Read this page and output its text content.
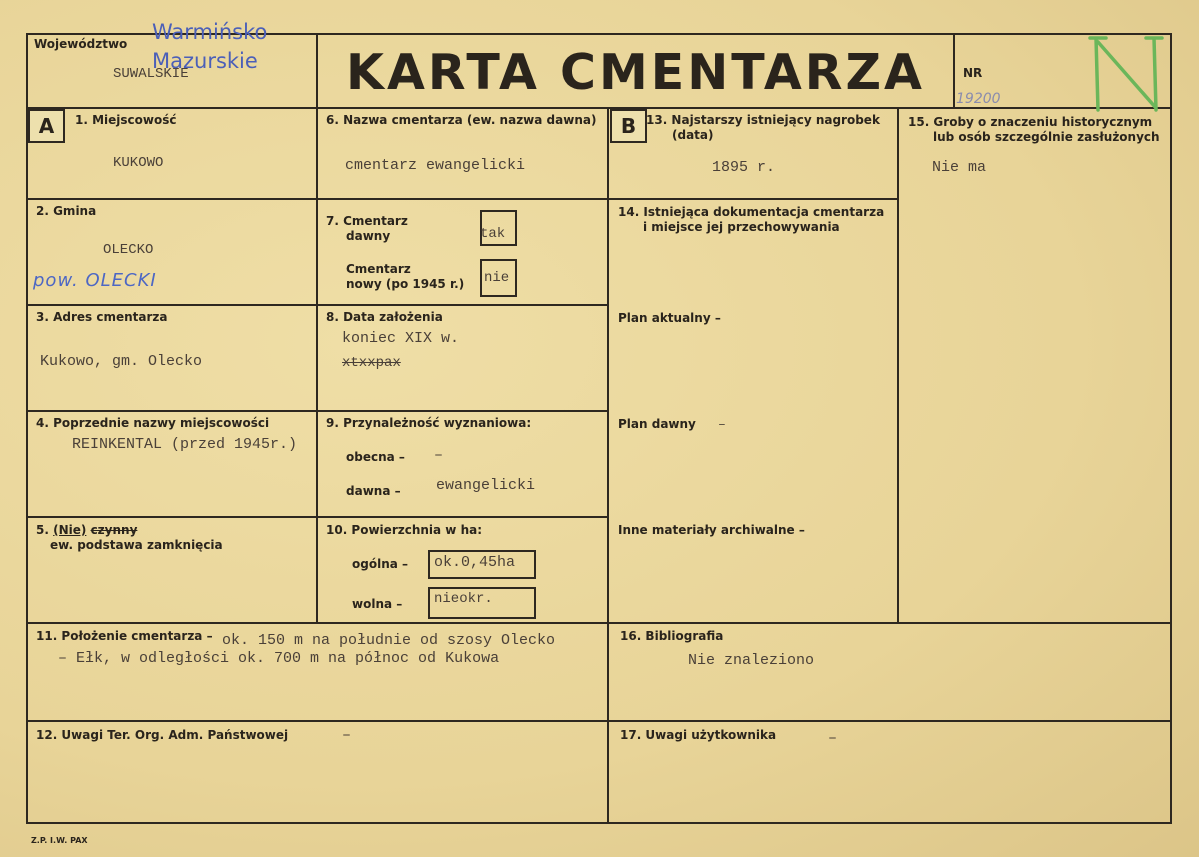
Województwo
SUWALSKIE
Warmińsko
Mazurskie KARTA CMENTARZA	NR
19200
A	1. Miejscowość
KUKOWO
2. Gmina
OLECKO
pow. OLECKI
3. Adres cmentarza
Kukowo, gm. Olecko
4. Poprzednie nazwy miejscowości
REINKENTAL (przed 1945r.)
5. (Nie) czynny
ew. podstawa zamknięcia
6. Nazwa cmentarza (ew. nazwa dawna)
cmentarz ewangelicki
7. Cmentarz
dawny	tak
Cmentarz
nowy (po 1945 r.) nie
8. Data założenia
koniec XIX w.
xtxxpax
9. Przynależność wyznaniowa:
obecna – –
dawna – ewangelicki
10. Powierzchnia w ha:
ogólna – ok.0,45ha
wolna – nieokr.
B 13. Najstarszy istniejący nagrobek
(data)
1895 r.
14. Istniejąca dokumentacja cmentarza
i miejsce jej przechowywania
Plan aktualny –
Plan dawny –
Inne materiały archiwalne –
15. Groby o znaczeniu historycznym
lub osób szczególnie zasłużonych
Nie ma
11. Położenie cmentarza – ok. 150 m na południe od szosy Olecko
– Ełk, w odległości ok. 700 m na północ od Kukowa
16. Bibliografia
Nie znaleziono
12. Uwagi Ter. Org. Adm. Państwowej	–	17. Uwagi użytkownika	–
Z.P. I.W. PAX
